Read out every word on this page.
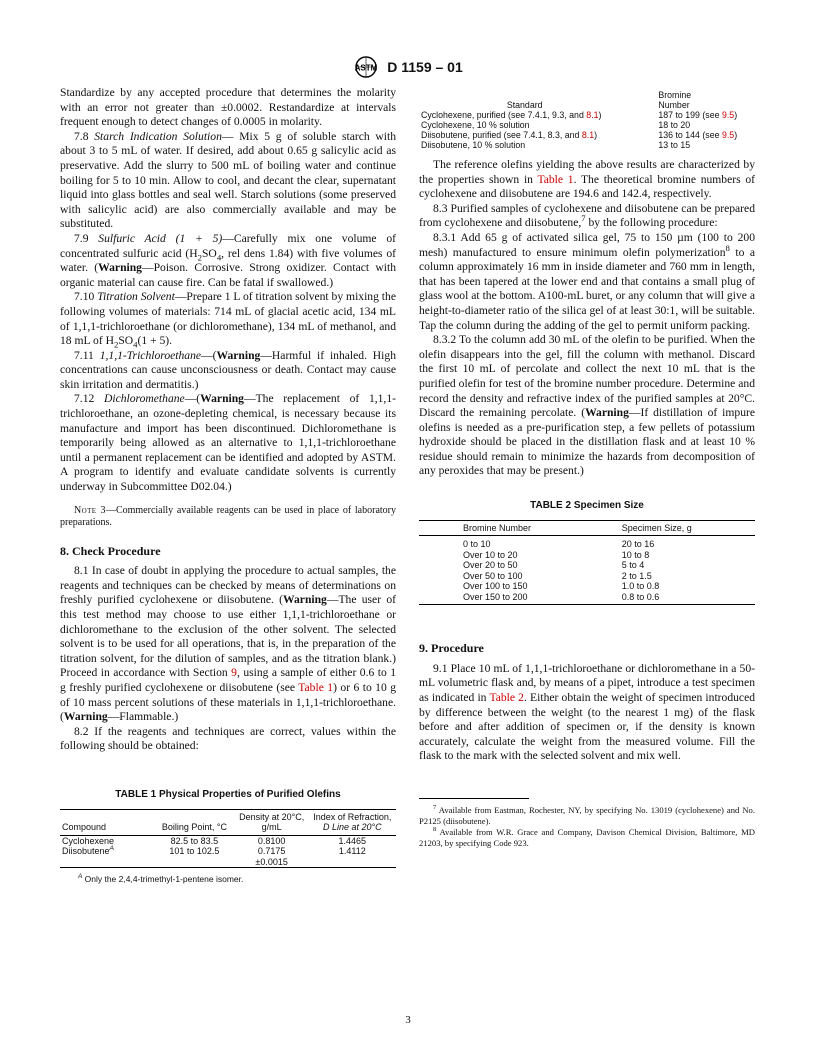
ASTM D 1159 – 01

Standardize by any accepted procedure that determines the molarity with an error not greater than ±0.0002. Restandardize at intervals frequent enough to detect changes of 0.0005 in molarity.

7.8 Starch Indication Solution— Mix 5 g of soluble starch with about 3 to 5 mL of water. If desired, add about 0.65 g salicylic acid as preservative. Add the slurry to 500 mL of boiling water and continue boiling for 5 to 10 min. Allow to cool, and decant the clear, supernatant liquid into glass bottles and seal well. Starch solutions (some preserved with salicylic acid) are also commercially available and may be substituted.

7.9 Sulfuric Acid (1 + 5)—Carefully mix one volume of concentrated sulfuric acid ($H_2SO_4$, rel dens 1.84) with five volumes of water. (Warning—Poison. Corrosive. Strong oxidizer. Contact with organic material can cause fire. Can be fatal if swallowed.)

7.10 Titration Solvent—Prepare 1 L of titration solvent by mixing the following volumes of materials: 714 mL of glacial acetic acid, 134 mL of 1,1,1-trichloroethane (or dichloromethane), 134 mL of methanol, and 18 mL of $H_2SO_4(1 + 5)$.

7.11 1,1,1-Trichloroethane—(Warning—Harmful if inhaled. High concentrations can cause unconsciousness or death. Contact may cause skin irritation and dermatitis.)

7.12 Dichloromethane—(Warning—The replacement of 1,1,1-trichloroethane, an ozone-depleting chemical, is necessary because its manufacture and import has been discontinued. Dichloromethane is temporarily being allowed as an alternative to 1,1,1-trichloroethane until a permanent replacement can be identified and adopted by ASTM. A program to identify and evaluate candidate solvents is currently underway in Subcommittee D02.04.)

Note 3—Commercially available reagents can be used in place of laboratory preparations.

8. Check Procedure

8.1 In case of doubt in applying the procedure to actual samples, the reagents and techniques can be checked by means of determinations on freshly purified cyclohexene or diisobutene. (Warning—The user of this test method may choose to use either 1,1,1-trichloroethane or dichloromethane to the exclusion of the other solvent. The selected solvent is to be used for all operations, that is, in the preparation of the titration solvent, for the dilution of samples, and as the titration blank.) Proceed in accordance with Section 9, using a sample of either 0.6 to 1 g freshly purified cyclohexene or diisobutene (see Table 1) or 6 to 10 g of 10 mass percent solutions of these materials in 1,1,1-trichloroethane. (Warning—Flammable.)

8.2 If the reagents and techniques are correct, values within the following should be obtained:

TABLE 1 Physical Properties of Purified Olefins
Compound	Boiling Point, °C	Density at 20°C, g/mL	Index of Refraction,
D Line at 20°C
Cyclohexene	82.5 to 83.5	0.8100	1.4465
Diisobutene$^A$	101 to 102.5	0.7175	1.4112
		±0.0015	
$^A$ Only the 2,4,4-trimethyl-1-pentene isomer.
	Bromine
Standard	Number
Cyclohexene, purified (see 7.4.1, 9.3, and 8.1)	187 to 199 (see 9.5)
Cyclohexene, 10 % solution	18 to 20
Diisobutene, purified (see 7.4.1, 8.3, and 8.1)	136 to 144 (see 9.5)
Diisobutene, 10 % solution	13 to 15

The reference olefins yielding the above results are characterized by the properties shown in Table 1. The theoretical bromine numbers of cyclohexene and diisobutene are 194.6 and 142.4, respectively.

8.3 Purified samples of cyclohexene and diisobutene can be prepared from cyclohexene and diisobutene,$^7$ by the following procedure:

8.3.1 Add 65 g of activated silica gel, 75 to 150 µm (100 to 200 mesh) manufactured to ensure minimum olefin polymerization$^8$ to a column approximately 16 mm in inside diameter and 760 mm in length, that has been tapered at the lower end and that contains a small plug of glass wool at the bottom. A100-mL buret, or any column that will give a height-to-diameter ratio of the silica gel of at least 30:1, will be suitable. Tap the column during the adding of the gel to permit uniform packing.

8.3.2 To the column add 30 mL of the olefin to be purified. When the olefin disappears into the gel, fill the column with methanol. Discard the first 10 mL of percolate and collect the next 10 mL that is the purified olefin for test of the bromine number procedure. Determine and record the density and refractive index of the purified samples at 20°C. Discard the remaining percolate. (Warning—If distillation of impure olefins is needed as a pre-purification step, a few pellets of potassium hydroxide should be placed in the distillation flask and at least 10 % residue should remain to minimize the hazards from decomposition of any peroxides that may be present.)

TABLE 2 Specimen Size
Bromine Number	Specimen Size, g
0 to 10	20 to 16
Over 10 to 20	10 to 8
Over 20 to 50	5 to 4
Over 50 to 100	2 to 1.5
Over 100 to 150	1.0 to 0.8
Over 150 to 200	0.8 to 0.6
9. Procedure

9.1 Place 10 mL of 1,1,1-trichloroethane or dichloromethane in a 50-mL volumetric flask and, by means of a pipet, introduce a test specimen as indicated in Table 2. Either obtain the weight of specimen introduced by difference between the weight (to the nearest 1 mg) of the flask before and after addition of specimen or, if the density is known accurately, calculate the weight from the measured volume. Fill the flask to the mark with the selected solvent and mix well.

$^7$ Available from Eastman, Rochester, NY, by specifying No. 13019 (cyclohexene) and No. P2125 (diisobutene).

$^8$ Available from W.R. Grace and Company, Davison Chemical Division, Baltimore, MD 21203, by specifying Code 923.

3
